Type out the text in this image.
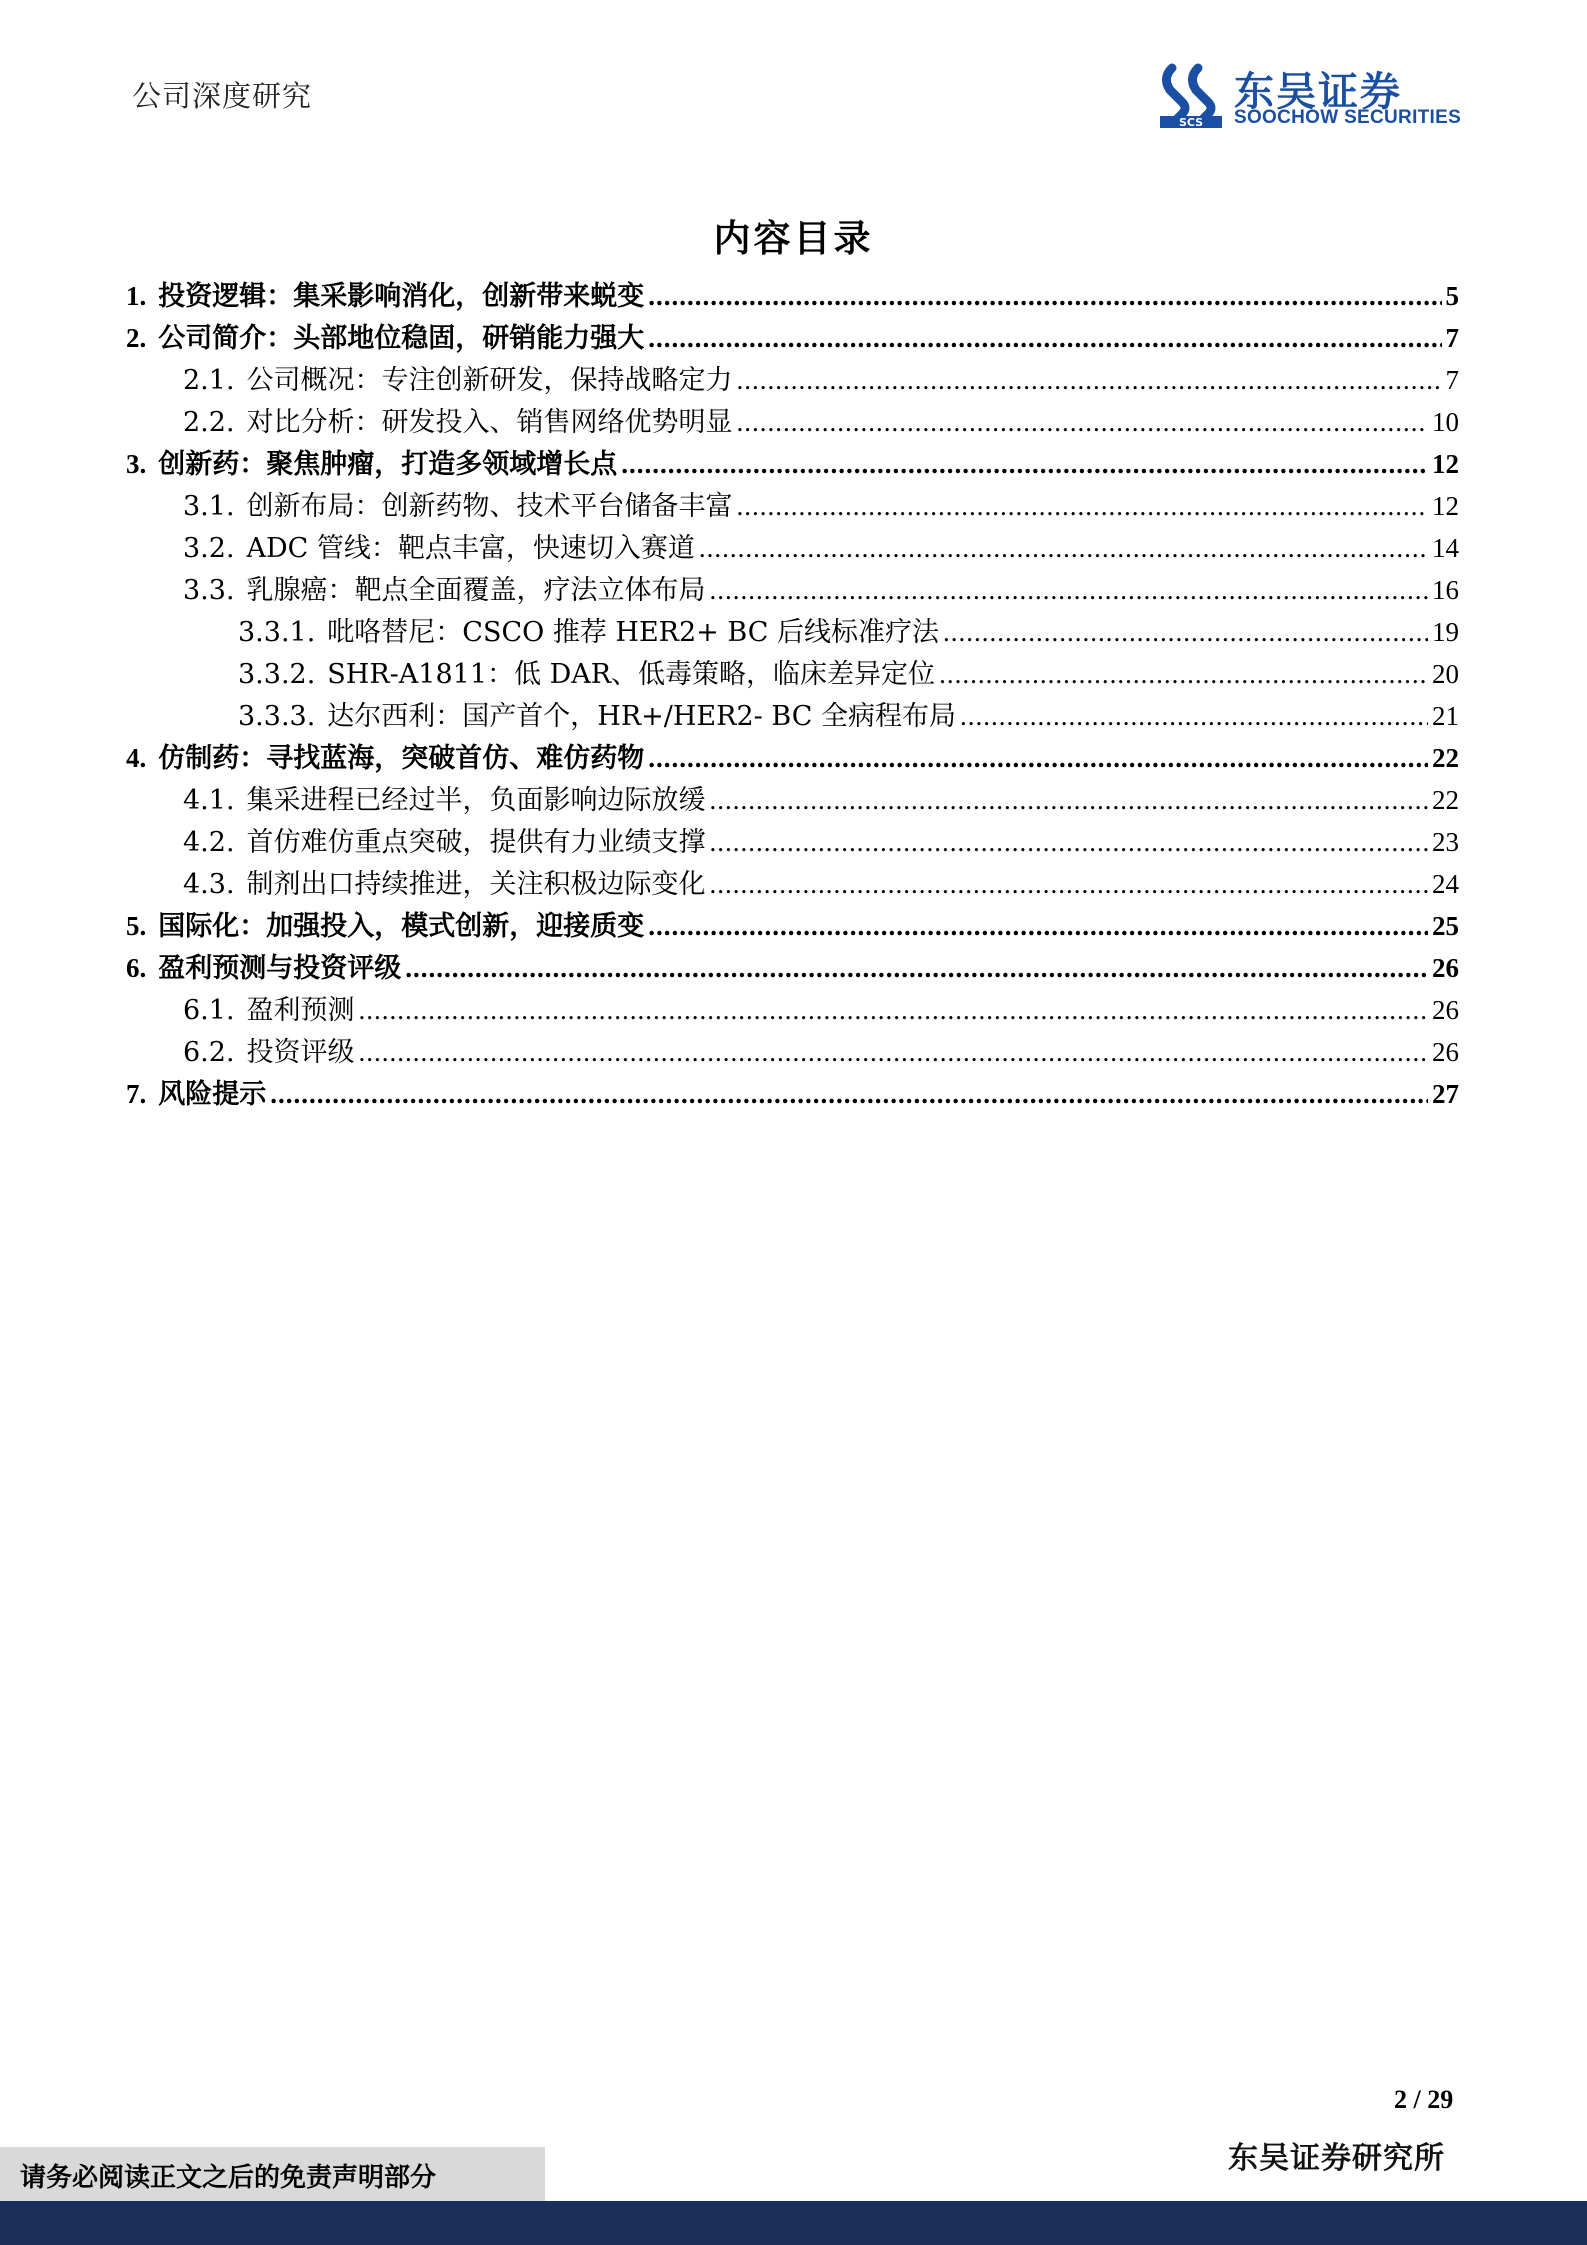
公司深度研究
SCS
东吴证券
SOOCHOW SECURITIES
内容目录
1. 投资逻辑：集采影响消化，创新带来蜕变 .....	5
2. 公司简介：头部地位稳固，研销能力强大 .....	7
2.1. 公司概况：专注创新研发，保持战略定力 .....	7
2.2. 对比分析：研发投入、销售网络优势明显 .....	10
3. 创新药：聚焦肿瘤，打造多领域增长点 .....	12
3.1. 创新布局：创新药物、技术平台储备丰富 .....	12
3.2. ADC 管线：靶点丰富，快速切入赛道 .....	14
3.3. 乳腺癌：靶点全面覆盖，疗法立体布局 .....	16
3.3.1. 吡咯替尼：CSCO 推荐 HER2+ BC 后线标准疗法 .....	19
3.3.2. SHR-A1811：低 DAR、低毒策略，临床差异定位 .....	20
3.3.3. 达尔西利：国产首个，HR+/HER2- BC 全病程布局 .....	21
4. 仿制药：寻找蓝海，突破首仿、难仿药物 .....	22
4.1. 集采进程已经过半，负面影响边际放缓 .....	22
4.2. 首仿难仿重点突破，提供有力业绩支撑 .....	23
4.3. 制剂出口持续推进，关注积极边际变化 .....	24
5. 国际化：加强投入，模式创新，迎接质变 .....	25
6. 盈利预测与投资评级 .....	26
6.1. 盈利预测 .....	26
6.2. 投资评级 .....	26
7. 风险提示 .....	27
2 / 29
东吴证券研究所
请务必阅读正文之后的免责声明部分
